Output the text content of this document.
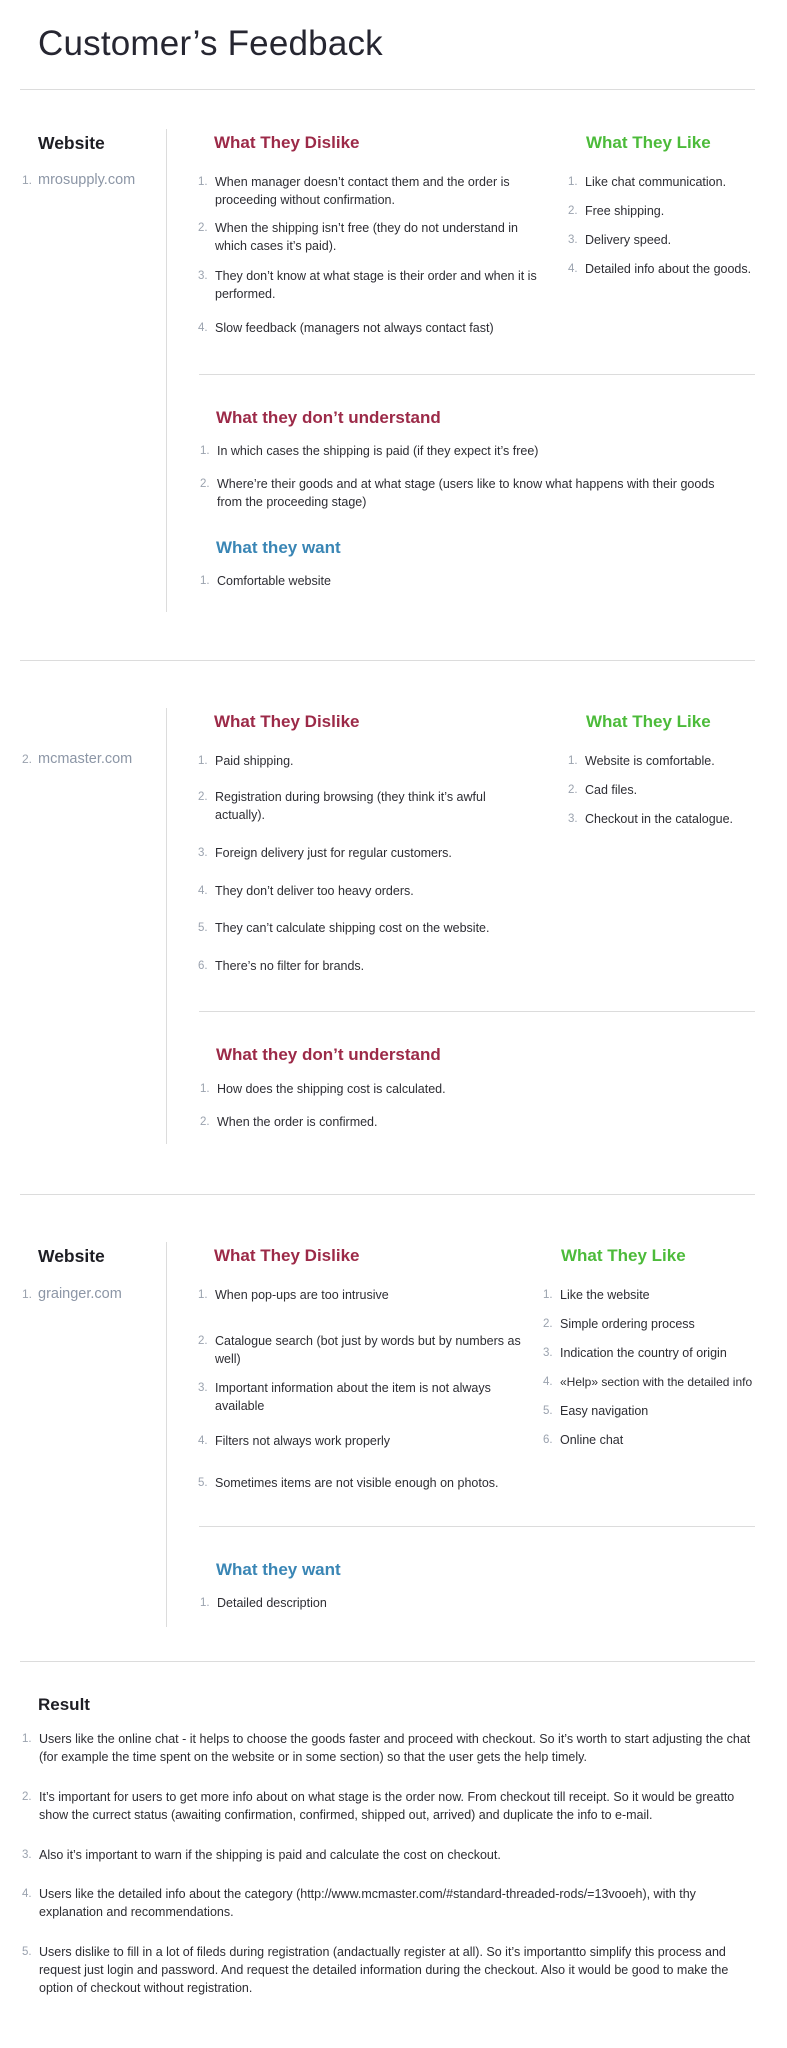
Customer’s Feedback
Website
1. mrosupply.com
What They Dislike
1. When manager doesn’t contact them and the order is proceeding without confirmation.
2. When the shipping isn’t free (they do not understand in which cases it’s paid).
3. They don’t know at what stage is their order and when it is performed.
4. Slow feedback (managers not always contact fast)
What They Like
1. Like chat communication.
2. Free shipping.
3. Delivery speed.
4. Detailed info about the goods.
What they don’t understand
1. In which cases the shipping is paid (if they expect it’s free)
2. Where’re their goods and at what stage (users like to know what happens with their goods from the proceeding stage)
What they want
1. Comfortable website
2. mcmaster.com
What They Dislike
1. Paid shipping.
2. Registration during browsing (they think it’s awful actually).
3. Foreign delivery just for regular customers.
4. They don’t deliver too heavy orders.
5. They can’t calculate shipping cost on the website.
6. There’s no filter for brands.
What They Like
1. Website is comfortable.
2. Cad files.
3. Checkout in the catalogue.
What they don’t understand
1. How does the shipping cost is calculated.
2. When the order is confirmed.
Website
1. grainger.com
What They Dislike
1. When pop-ups are too intrusive
2. Catalogue search (bot just by words but by numbers as well)
3. Important information about the item is not always available
4. Filters not always work properly
5. Sometimes items are not visible enough on photos.
What They Like
1. Like the website
2. Simple ordering process
3. Indication the country of origin
4. «Help» section with the detailed info
5. Easy navigation
6. Online chat
What they want
1. Detailed description
Result
1. Users like the online chat - it helps to choose the goods faster and proceed with checkout. So it’s worth to start adjusting the chat (for example the time spent on the website or in some section) so that the user gets the help timely.
2. It’s important for users to get more info about on what stage is the order now. From checkout till receipt. So it would be greatto show the currect status (awaiting confirmation, confirmed, shipped out, arrived) and duplicate the info to e-mail.
3. Also it’s important to warn if the shipping is paid and calculate the cost on checkout.
4. Users like the detailed info about the category (http://www.mcmaster.com/#standard-threaded-rods/=13vooeh), with thy explanation and recommendations.
5. Users dislike to fill in a lot of fileds during registration (andactually register at all). So it’s importantto simplify this process and request just login and password. And request the detailed information during the checkout. Also it would be good to make the option of checkout without registration.
